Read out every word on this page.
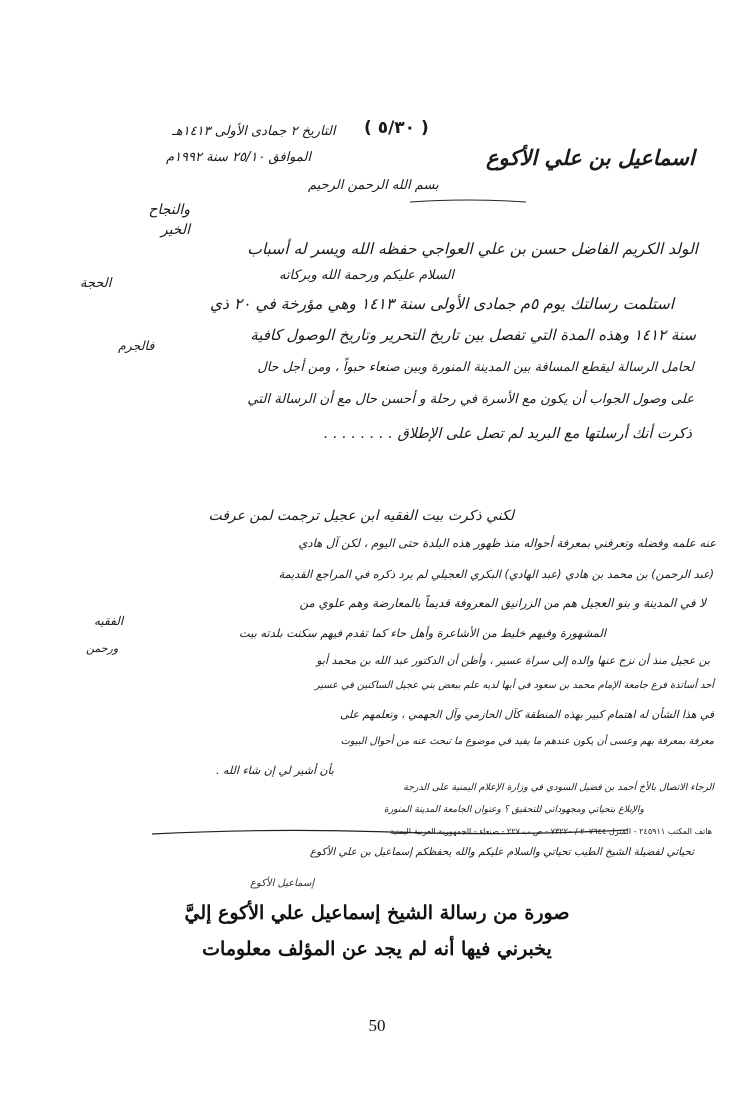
( ٥/٣٠ )
التاريخ ٢ جمادى الأولى ١٤١٣هـ
الموافق ٢٥/١٠ سنة ١٩٩٢م	اسماعيل بن علي الأكوع
بسم الله الرحمن الرحيم
والنجاح الخير
الولد الكريم الفاضل حسن بن علي العواجي حفظه الله ويسر له أسباب
السلام عليكم ورحمة الله وبركاته
استلمت رسالتك يوم ٥م جمادى الأولى سنة ١٤١٣ وهي مؤرخة في ٢٠ ذي
الحجة
سنة ١٤١٢ وهذه المدة التي تفصل بين تاريخ التحرير وتاريخ الوصول كافية
فالجرم
لحامل الرسالة ليقطع المسافة بين المدينة المنورة وبين صنعاء حبواً ، ومن أجل حال
على وصول الجواب أن يكون مع الأسرة في رحلة و أحسن حال مع أن الرسالة التي
ذكرت أنك أرسلتها مع البريد لم تصل على الإطلاق . . . . . . . .
لكني ذكرت بيت الفقيه ابن عجيل ترجمت لمن عرفت
عنه علمه وفضله وتعرفني بمعرفة أحواله منذ ظهور هذه البلدة حتى اليوم ، لكن آل هادي
(عبد الرحمن) بن محمد بن هادي (عبد الهادي) البكري العجيلي لم يرد ذكره في المراجع القديمة
لا في المدينة و بنو العجيل هم من الزرانيق المعروفة قديماً بالمعارضة وهم علوي من
الفقيه
المشهورة وفيهم خليط من الأشاعرة وأهل حاء كما تقدم فيهم سكنت بلدته بيت
ورحمن
بن عجيل منذ أن نزح عنها والده إلى سراة عسير ، وأظن أن الدكتور عبد الله بن محمد أبو
أحد أساتذة فرع جامعة الإمام محمد بن سعود في أبها لديه علم ببعض بني عجيل الساكنين في عسير
في هذا الشأن له اهتمام كبير بهذه المنطقة كآل الحازمي وآل الجهمي ، وتعلمهم على
معرفة بمعرفة بهم وعسى أن يكون عندهم ما يفيد في موضوع ما تبحث عنه من أحوال البيوت
بأن أشير لي إن شاء الله .
الرجاء الاتصال بالأخ أحمد بن فضيل السودي في وزارة الإعلام اليمنية على الدرجة
والإبلاغ بتحياتي ومجهوداتي للتحقيق ؟ وعنوان الجامعة المدينة المنورة
هاتف المكتب ٢٤٥٩١١ - المنزل ٢٠٧٦٤٤ / ٧٣٢٢٠ - ص.ب ٢٢٧ - صنعاء - الجمهورية العربية اليمنية
تحياتي لفضيلة الشيخ الطيب تحياتي والسلام عليكم والله يحفظكم إسماعيل بن علي الأكوع
إسماعيل الأكوع
صورة من رسالة الشيخ إسماعيل علي الأكوع إليَّ
يخبرني فيها أنه لم يجد عن المؤلف معلومات
50
